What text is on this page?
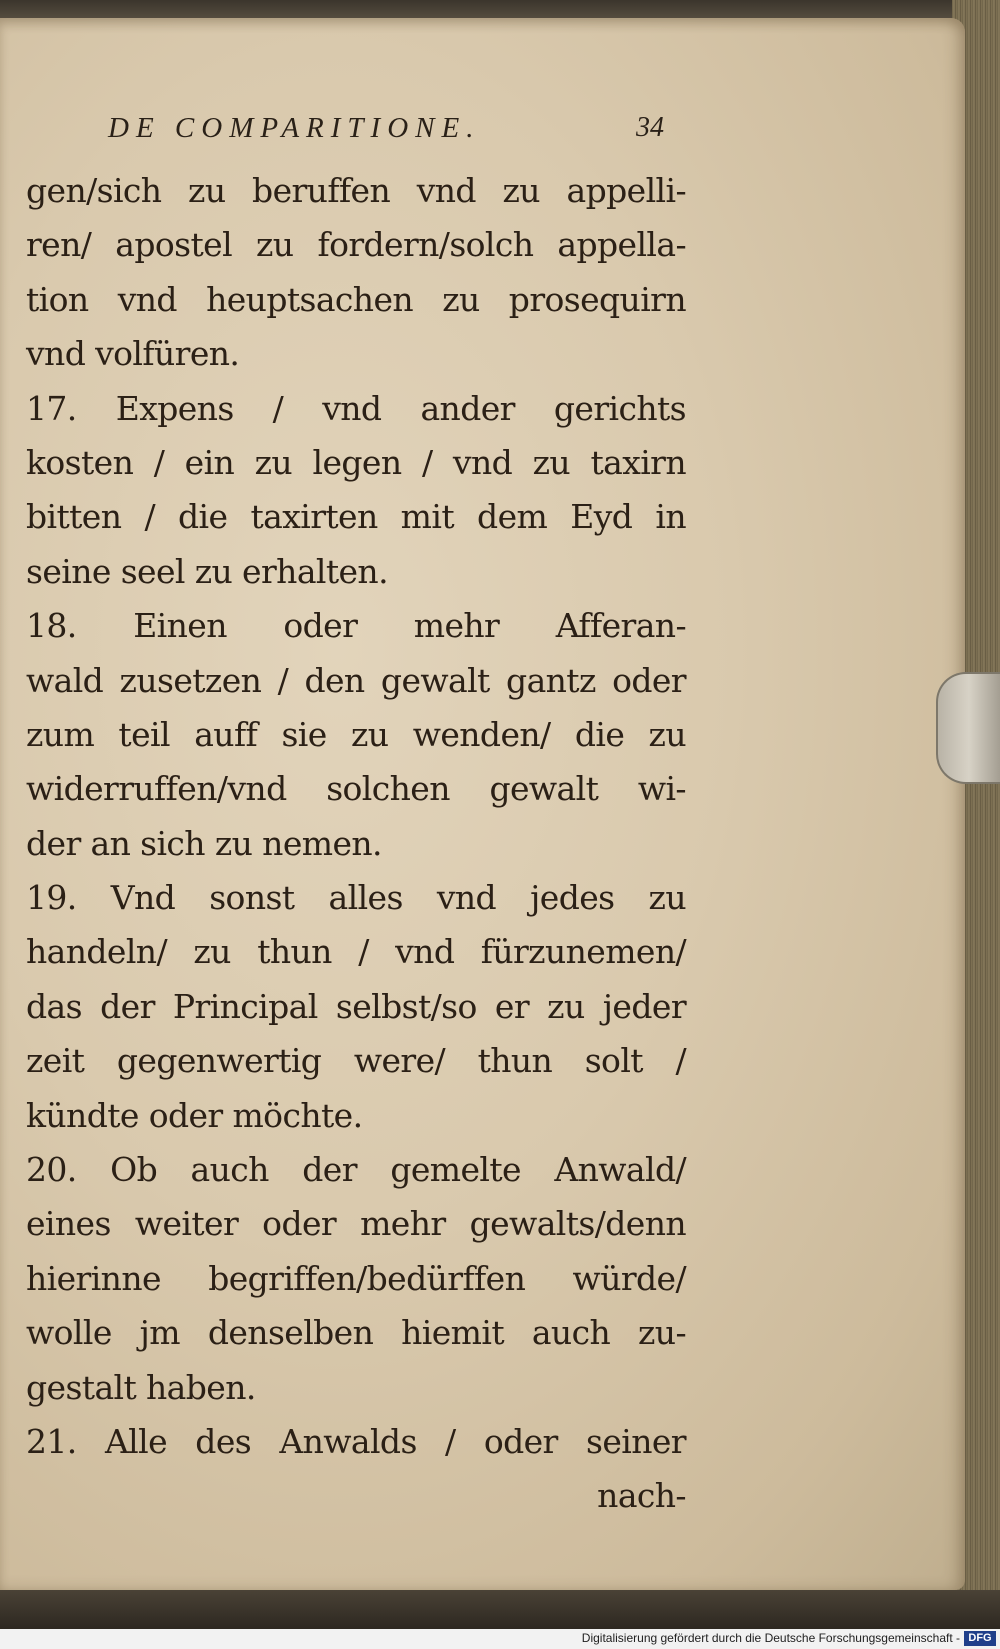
DE COMPARITIONE.	34
gen/sich zu beruffen vnd zu appelli-
ren/ apostel zu fordern/solch appella-
tion vnd heuptsachen zu prosequirn
vnd volfüren.
17. Expens / vnd ander gerichts
kosten / ein zu legen / vnd zu taxirn
bitten / die taxirten mit dem Eyd in
seine seel zu erhalten.
18. Einen oder mehr Afferan-
wald zusetzen / den gewalt gantz oder
zum teil auff sie zu wenden/ die zu
widerruffen/vnd solchen gewalt wi-
der an sich zu nemen.
19. Vnd sonst alles vnd jedes zu
handeln/ zu thun / vnd fürzunemen/
das der Principal selbst/so er zu jeder
zeit gegenwertig were/ thun solt /
kündte oder möchte.
20. Ob auch der gemelte Anwald/
eines weiter oder mehr gewalts/denn
hierinne begriffen/bedürffen würde/
wolle jm denselben hiemit auch zu-
gestalt haben.
21. Alle des Anwalds / oder seiner
nach-
Digitalisierung gefördert durch die Deutsche Forschungsgemeinschaft - DFG
